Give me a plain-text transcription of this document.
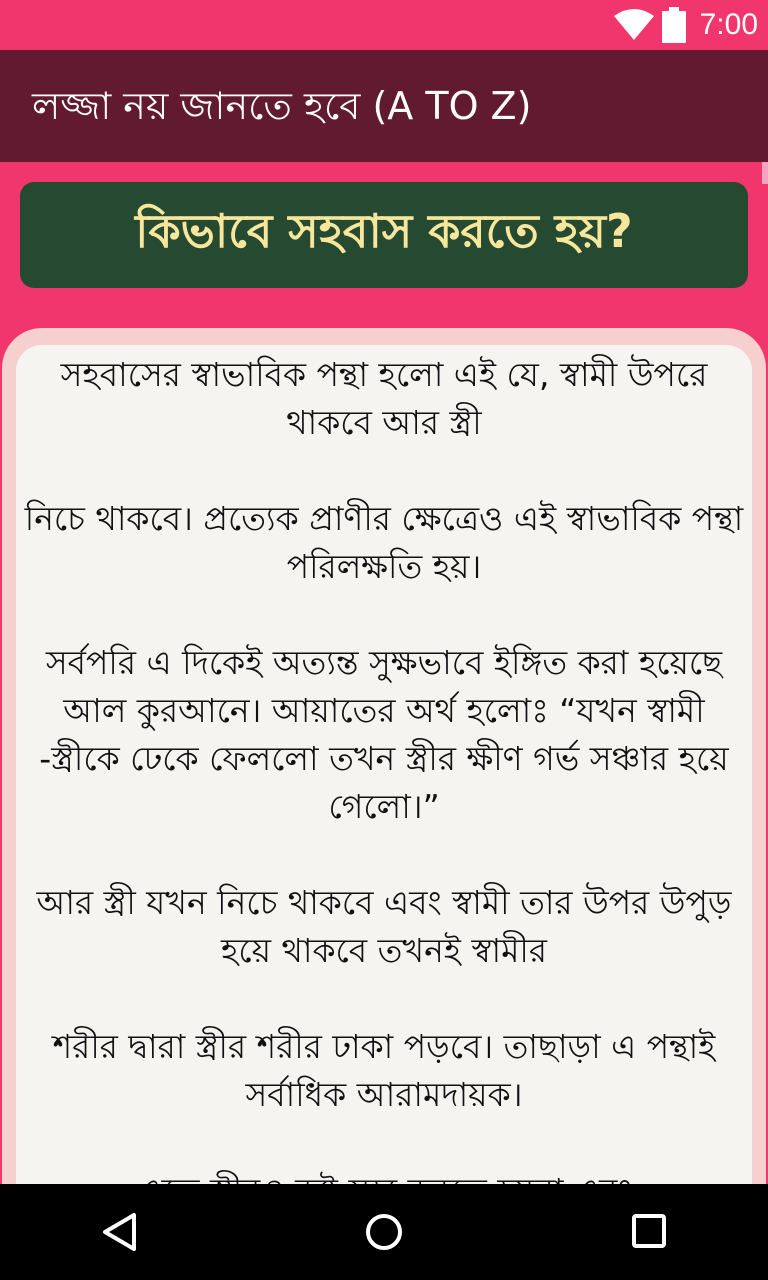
7:00
লজ্জা নয় জানতে হবে (A TO Z)
কিভাবে সহবাস করতে হয়?

সহবাসের স্বাভাবিক পন্থা হলো এই যে, স্বামী উপরে থাকবে আর স্ত্রী

নিচে থাকবে। প্রত্যেক প্রাণীর ক্ষেত্রেও এই স্বাভাবিক পন্থা পরিলক্ষতি হয়।

সর্বপরি এ দিকেই অত্যন্ত সুক্ষভাবে ইঙ্গিত করা হয়েছে আল কুরআনে। আয়াতের অর্থ হলোঃ “যখন স্বামী -স্ত্রীকে ঢেকে ফেললো তখন স্ত্রীর ক্ষীণ গর্ভ সঞ্চার হয়ে গেলো।”

আর স্ত্রী যখন নিচে থাকবে এবং স্বামী তার উপর উপুড় হয়ে থাকবে তখনই স্বামীর

শরীর দ্বারা স্ত্রীর শরীর ঢাকা পড়বে। তাছাড়া এ পন্থাই সর্বাধিক আরামদায়ক।
